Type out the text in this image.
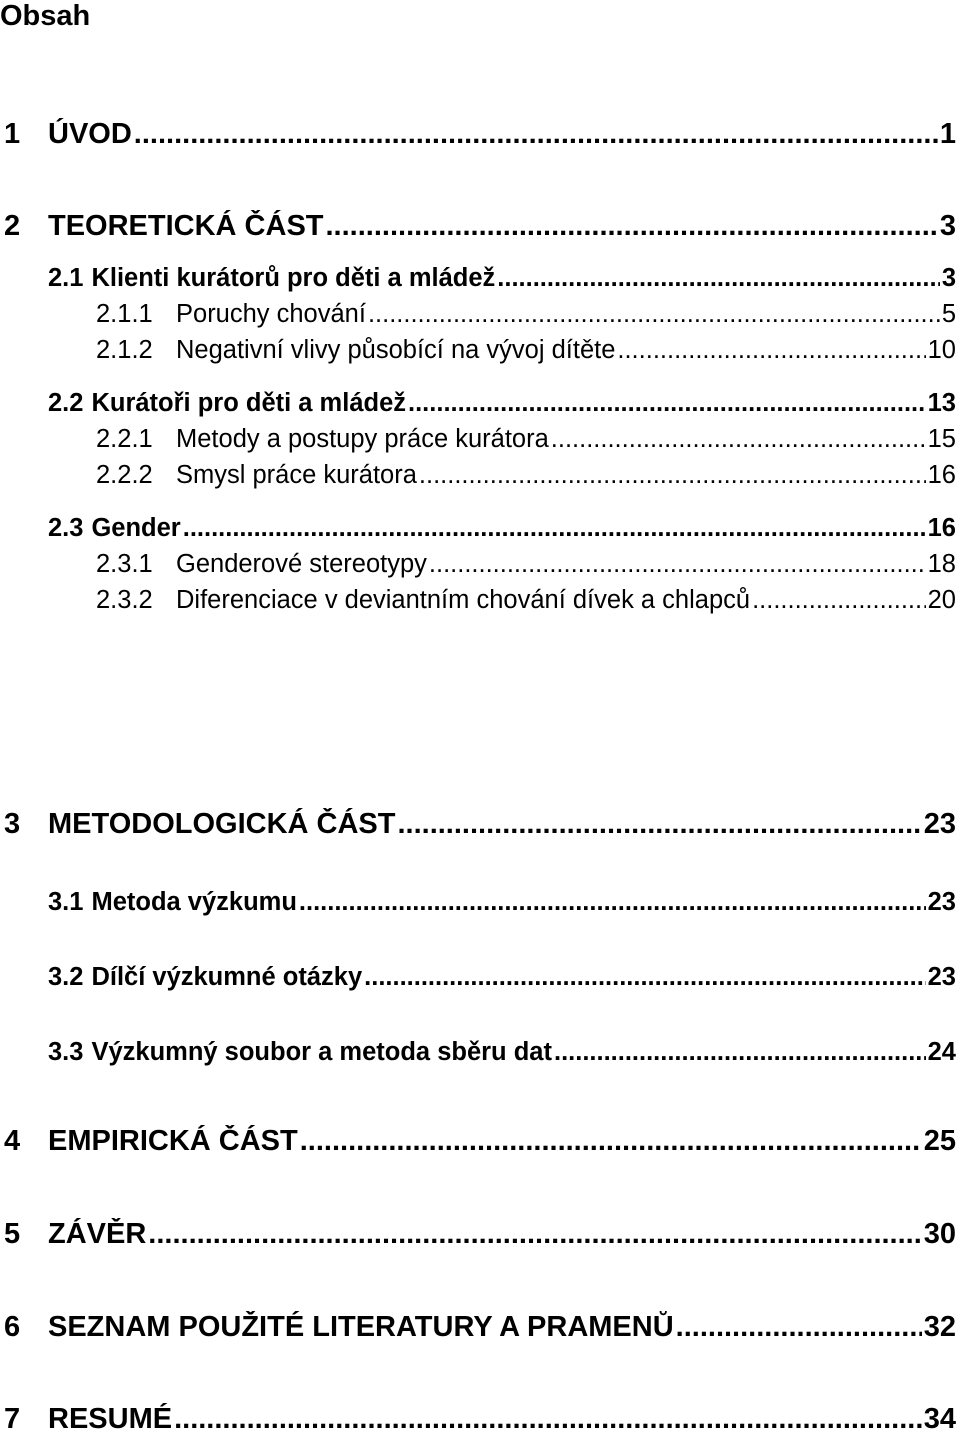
Obsah
1 ÚVOD .....	1
2 TEORETICKÁ ČÁST .....	3
2.1 Klienti kurátorů pro děti a mládež .....	3
2.1.1 Poruchy chování .....	5
2.1.2 Negativní vlivy působící na vývoj dítěte .....	10
2.2 Kurátoři pro děti a mládež .....	13
2.2.1 Metody a postupy práce kurátora .....	15
2.2.2 Smysl práce kurátora .....	16
2.3 Gender .....	16
2.3.1 Genderové stereotypy .....	18
2.3.2 Diferenciace v deviantním chování dívek a chlapců .....	20
3 METODOLOGICKÁ ČÁST .....	23
3.1 Metoda výzkumu .....	23
3.2 Dílčí výzkumné otázky .....	23
3.3 Výzkumný soubor a metoda sběru dat .....	24
4 EMPIRICKÁ ČÁST .....	25
5 ZÁVĚR .....	30
6 SEZNAM POUŽITÉ LITERATURY A PRAMENŮ .....	32
7 RESUMÉ .....	34
